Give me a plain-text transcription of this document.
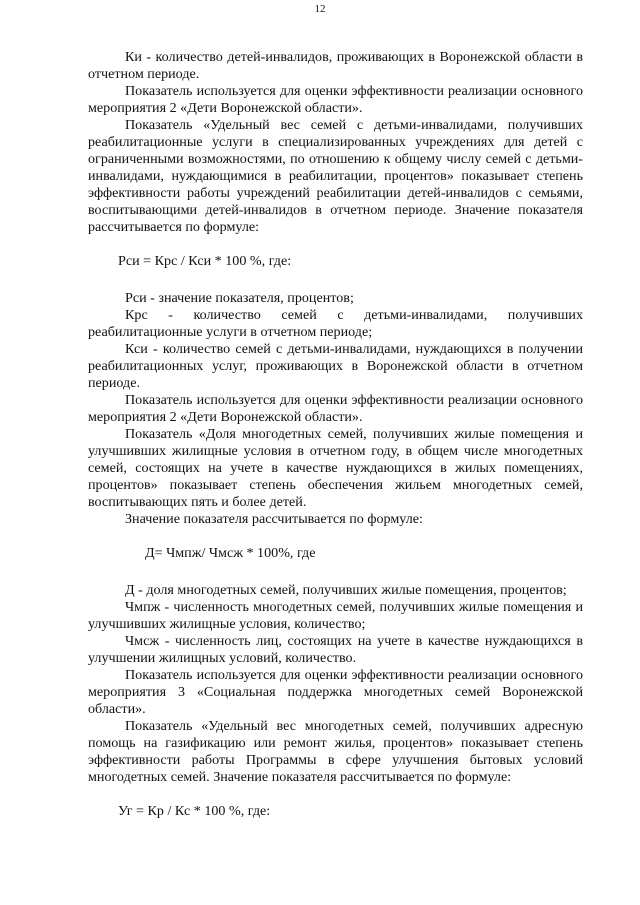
12

Ки - количество детей-инвалидов, проживающих в Воронежской области в отчетном периоде.

Показатель используется для оценки эффективности реализации основного мероприятия 2 «Дети Воронежской области».

Показатель «Удельный вес семей с детьми-инвалидами, получивших реабилитационные услуги в специализированных учреждениях для детей с ограниченными возможностями, по отношению к общему числу семей с детьми-инвалидами, нуждающимися в реабилитации, процентов» показывает степень эффективности работы учреждений реабилитации детей-инвалидов с семьями, воспитывающими детей-инвалидов в отчетном периоде. Значение показателя рассчитывается по формуле:

Рси = Крс / Кси * 100 %, где:

Рси - значение показателя, процентов;

Крс - количество семей с детьми-инвалидами, получивших реабилитационные услуги в отчетном периоде;

Кси - количество семей с детьми-инвалидами, нуждающихся в получении реабилитационных услуг, проживающих в Воронежской области в отчетном периоде.

Показатель используется для оценки эффективности реализации основного мероприятия 2 «Дети Воронежской области».

Показатель «Доля многодетных семей, получивших жилые помещения и улучшивших жилищные условия в отчетном году, в общем числе многодетных семей, состоящих на учете в качестве нуждающихся в жилых помещениях, процентов» показывает степень обеспечения жильем многодетных семей, воспитывающих пять и более детей.

Значение показателя рассчитывается по формуле:

Д= Чмпж/ Чмсж * 100%, где

Д - доля многодетных семей, получивших жилые помещения, процентов;

Чмпж - численность многодетных семей, получивших жилые помещения и улучшивших жилищные условия, количество;

Чмсж - численность лиц, состоящих на учете в качестве нуждающихся в улучшении жилищных условий, количество.

Показатель используется для оценки эффективности реализации основного мероприятия 3 «Социальная поддержка многодетных семей Воронежской области».

Показатель «Удельный вес многодетных семей, получивших адресную помощь на газификацию или ремонт жилья, процентов» показывает степень эффективности работы Программы в сфере улучшения бытовых условий многодетных семей. Значение показателя рассчитывается по формуле:

Уг = Кр / Кс * 100 %, где:
